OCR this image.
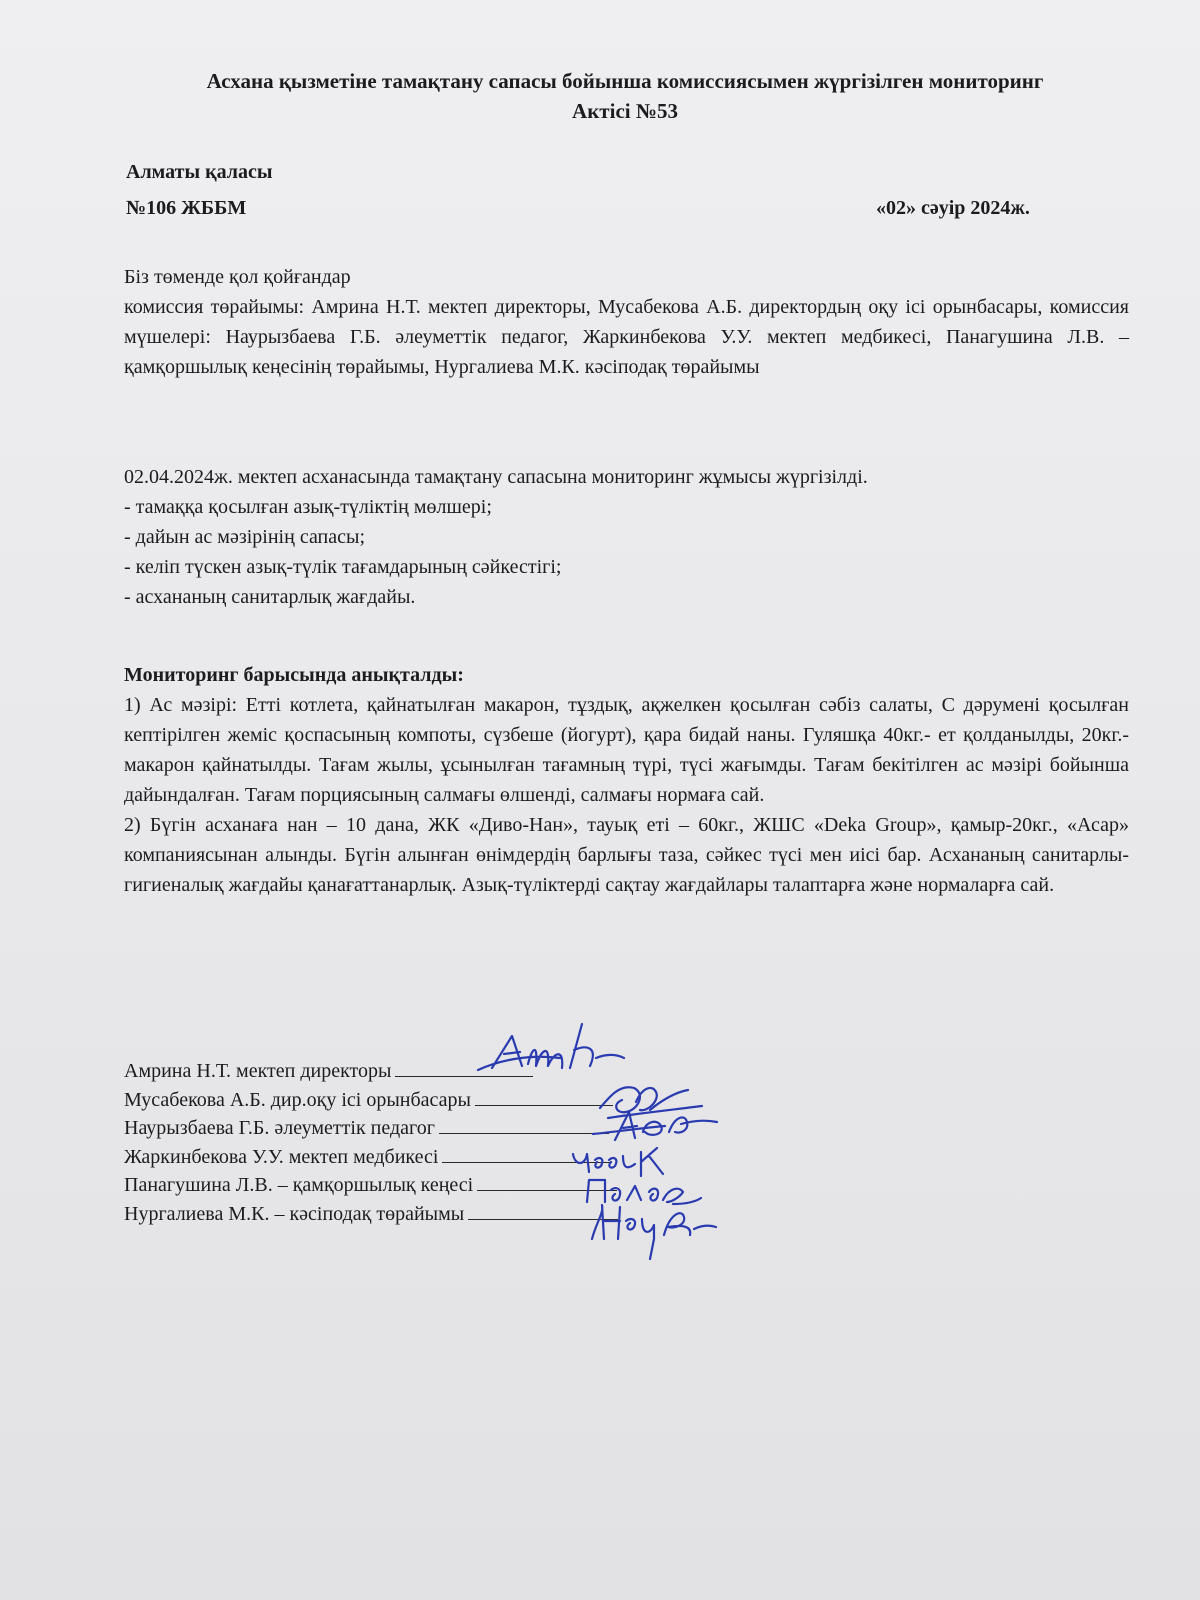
Асхана қызметіне тамақтану сапасы бойынша комиссиясымен жүргізілген мониторинг
Актісі №53
Алматы қаласы
№106 ЖББМ	«02» сәуір 2024ж.
Біз төменде қол қойғандар
комиссия төрайымы: Амрина Н.Т. мектеп директоры, Мусабекова А.Б. директордың оқу ісі орынбасары, комиссия мүшелері: Наурызбаева Г.Б. әлеуметтік педагог, Жаркинбекова У.У. мектеп медбикесі, Панагушина Л.В. – қамқоршылық кеңесінің төрайымы, Нургалиева М.К. кәсіподақ төрайымы
02.04.2024ж. мектеп асханасында тамақтану сапасына мониторинг жұмысы жүргізілді.
- тамаққа қосылған азық-түліктің мөлшері;
- дайын ас мәзірінің сапасы;
- келіп түскен азық-түлік тағамдарының сәйкестігі;
- асхананың санитарлық жағдайы.
Мониторинг барысында анықталды:
1) Ас мәзірі: Етті котлета, қайнатылған макарон, тұздық, ақжелкен қосылған сәбіз салаты, С дәрумені қосылған кептірілген жеміс қоспасының компоты, сүзбеше (йогурт), қара бидай наны. Гуляшқа 40кг.- ет қолданылды, 20кг.- макарон қайнатылды. Тағам жылы, ұсынылған тағамның түрі, түсі жағымды. Тағам бекітілген ас мәзірі бойынша дайындалған. Тағам порциясының салмағы өлшенді, салмағы нормаға сай.
2) Бүгін асханаға нан – 10 дана, ЖК «Диво-Нан», тауық еті – 60кг., ЖШС «Deka Group», қамыр-20кг., «Асар» компаниясынан алынды. Бүгін алынған өнімдердің барлығы таза, сәйкес түсі мен иісі бар. Асхананың санитарлы-гигиеналық жағдайы қанағаттанарлық. Азық-түліктерді сақтау жағдайлары талаптарға және нормаларға сай.
Амрина Н.Т. мектеп директоры
Мусабекова А.Б. дир.оқу ісі орынбасары
Наурызбаева Г.Б. әлеуметтік педагог
Жаркинбекова У.У. мектеп медбикесі
Панагушина Л.В. – қамқоршылық кеңесі
Нургалиева М.К. – кәсіподақ төрайымы
